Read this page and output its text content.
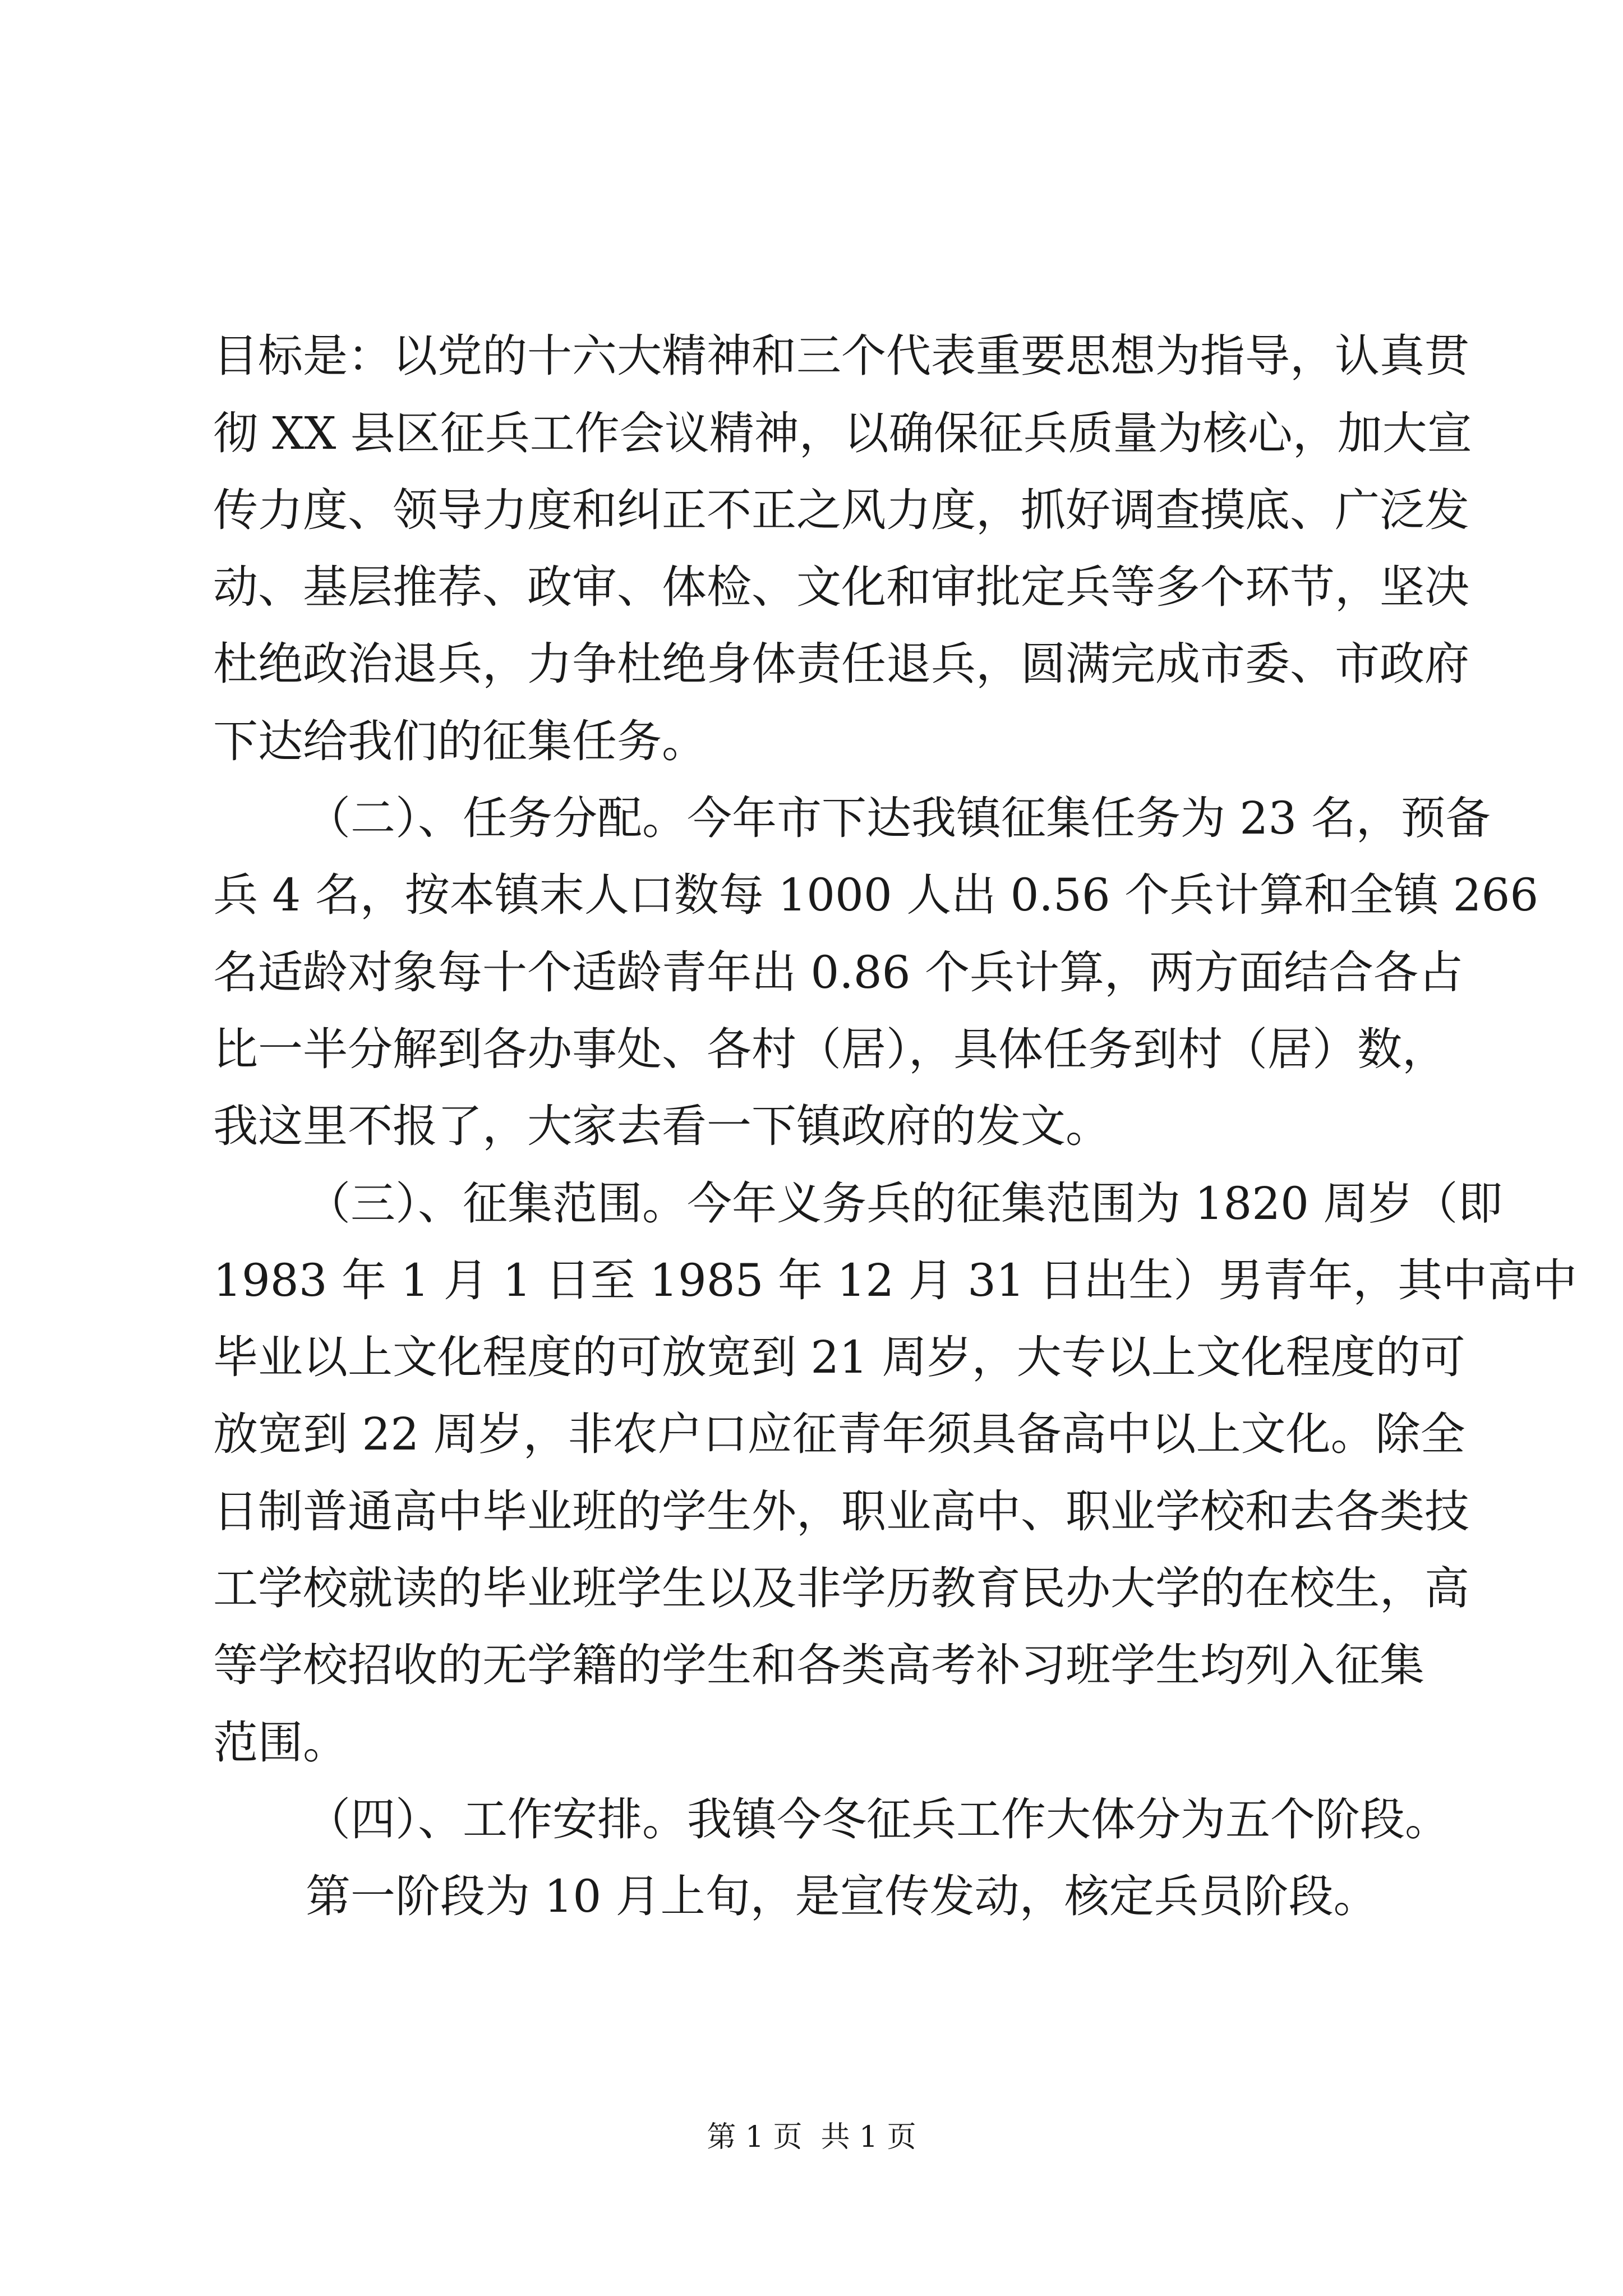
目标是：以党的十六大精神和三个代表重要思想为指导，认真贯
彻 XX 县区征兵工作会议精神，以确保征兵质量为核心，加大宣
传力度、领导力度和纠正不正之风力度，抓好调查摸底、广泛发
动、基层推荐、政审、体检、文化和审批定兵等多个环节，坚决
杜绝政治退兵，力争杜绝身体责任退兵，圆满完成市委、市政府
下达给我们的征集任务。
（二）、任务分配。今年市下达我镇征集任务为 23 名，预备
兵 4 名，按本镇末人口数每 1000 人出 0.56 个兵计算和全镇 266
名适龄对象每十个适龄青年出 0.86 个兵计算，两方面结合各占
比一半分解到各办事处、各村（居），具体任务到村（居）数，
我这里不报了，大家去看一下镇政府的发文。
（三）、征集范围。今年义务兵的征集范围为 1820 周岁（即
1983 年 1 月 1 日至 1985 年 12 月 31 日出生）男青年，其中高中
毕业以上文化程度的可放宽到 21 周岁，大专以上文化程度的可
放宽到 22 周岁，非农户口应征青年须具备高中以上文化。除全
日制普通高中毕业班的学生外，职业高中、职业学校和去各类技
工学校就读的毕业班学生以及非学历教育民办大学的在校生，高
等学校招收的无学籍的学生和各类高考补习班学生均列入征集
范围。
（四）、工作安排。我镇今冬征兵工作大体分为五个阶段。
第一阶段为 10 月上旬，是宣传发动，核定兵员阶段。
第 1 页  共 1 页
